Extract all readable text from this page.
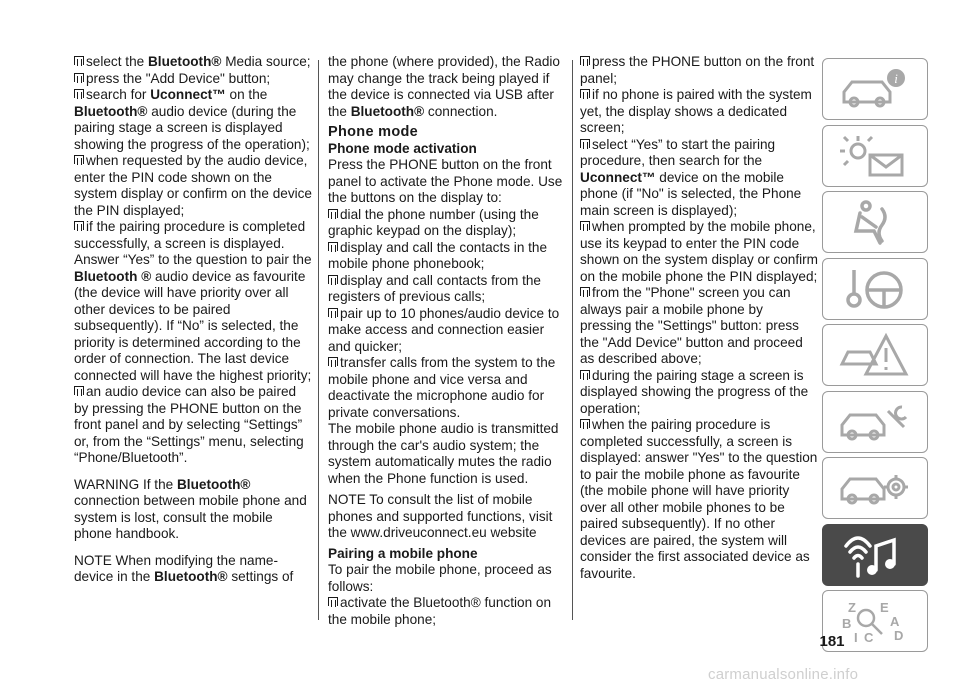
select the Bluetooth® Media source;
press the "Add Device" button;
search for Uconnect™ on the Bluetooth® audio device (during the pairing stage a screen is displayed showing the progress of the operation);
when requested by the audio device, enter the PIN code shown on the system display or confirm on the device the PIN displayed;
if the pairing procedure is completed successfully, a screen is displayed. Answer “Yes” to the question to pair the Bluetooth ® audio device as favourite (the device will have priority over all other devices to be paired subsequently). If “No” is selected, the priority is determined according to the order of connection. The last device connected will have the highest priority;
an audio device can also be paired by pressing the PHONE button on the front panel and by selecting “Settings” or, from the “Settings” menu, selecting “Phone/Bluetooth”.
WARNING If the Bluetooth® connection between mobile phone and system is lost, consult the mobile phone handbook.
NOTE When modifying the name-device in the Bluetooth® settings of
the phone (where provided), the Radio may change the track being played if the device is connected via USB after the Bluetooth® connection.
Phone mode
Phone mode activation
Press the PHONE button on the front panel to activate the Phone mode. Use the buttons on the display to:
dial the phone number (using the graphic keypad on the display);
display and call the contacts in the mobile phone phonebook;
display and call contacts from the registers of previous calls;
pair up to 10 phones/audio device to make access and connection easier and quicker;
transfer calls from the system to the mobile phone and vice versa and deactivate the microphone audio for private conversations.
The mobile phone audio is transmitted through the car's audio system; the system automatically mutes the radio when the Phone function is used.
NOTE To consult the list of mobile phones and supported functions, visit the www.driveuconnect.eu website
Pairing a mobile phone
To pair the mobile phone, proceed as follows:
activate the Bluetooth® function on the mobile phone;
press the PHONE button on the front panel;
if no phone is paired with the system yet, the display shows a dedicated screen;
select “Yes” to start the pairing procedure, then search for the Uconnect™ device on the mobile phone (if "No" is selected, the Phone main screen is displayed);
when prompted by the mobile phone, use its keypad to enter the PIN code shown on the system display or confirm on the mobile phone the PIN displayed;
from the "Phone" screen you can always pair a mobile phone by pressing the "Settings" button: press the "Add Device" button and proceed as described above;
during the pairing stage a screen is displayed showing the progress of the operation;
when the pairing procedure is completed successfully, a screen is displayed: answer "Yes" to the question to pair the mobile phone as favourite (the mobile phone will have priority over all other mobile phones to be paired subsequently). If no other devices are paired, the system will consider the first associated device as favourite.
i
Z E
B	A
I C D
181
carmanualsonline.info
